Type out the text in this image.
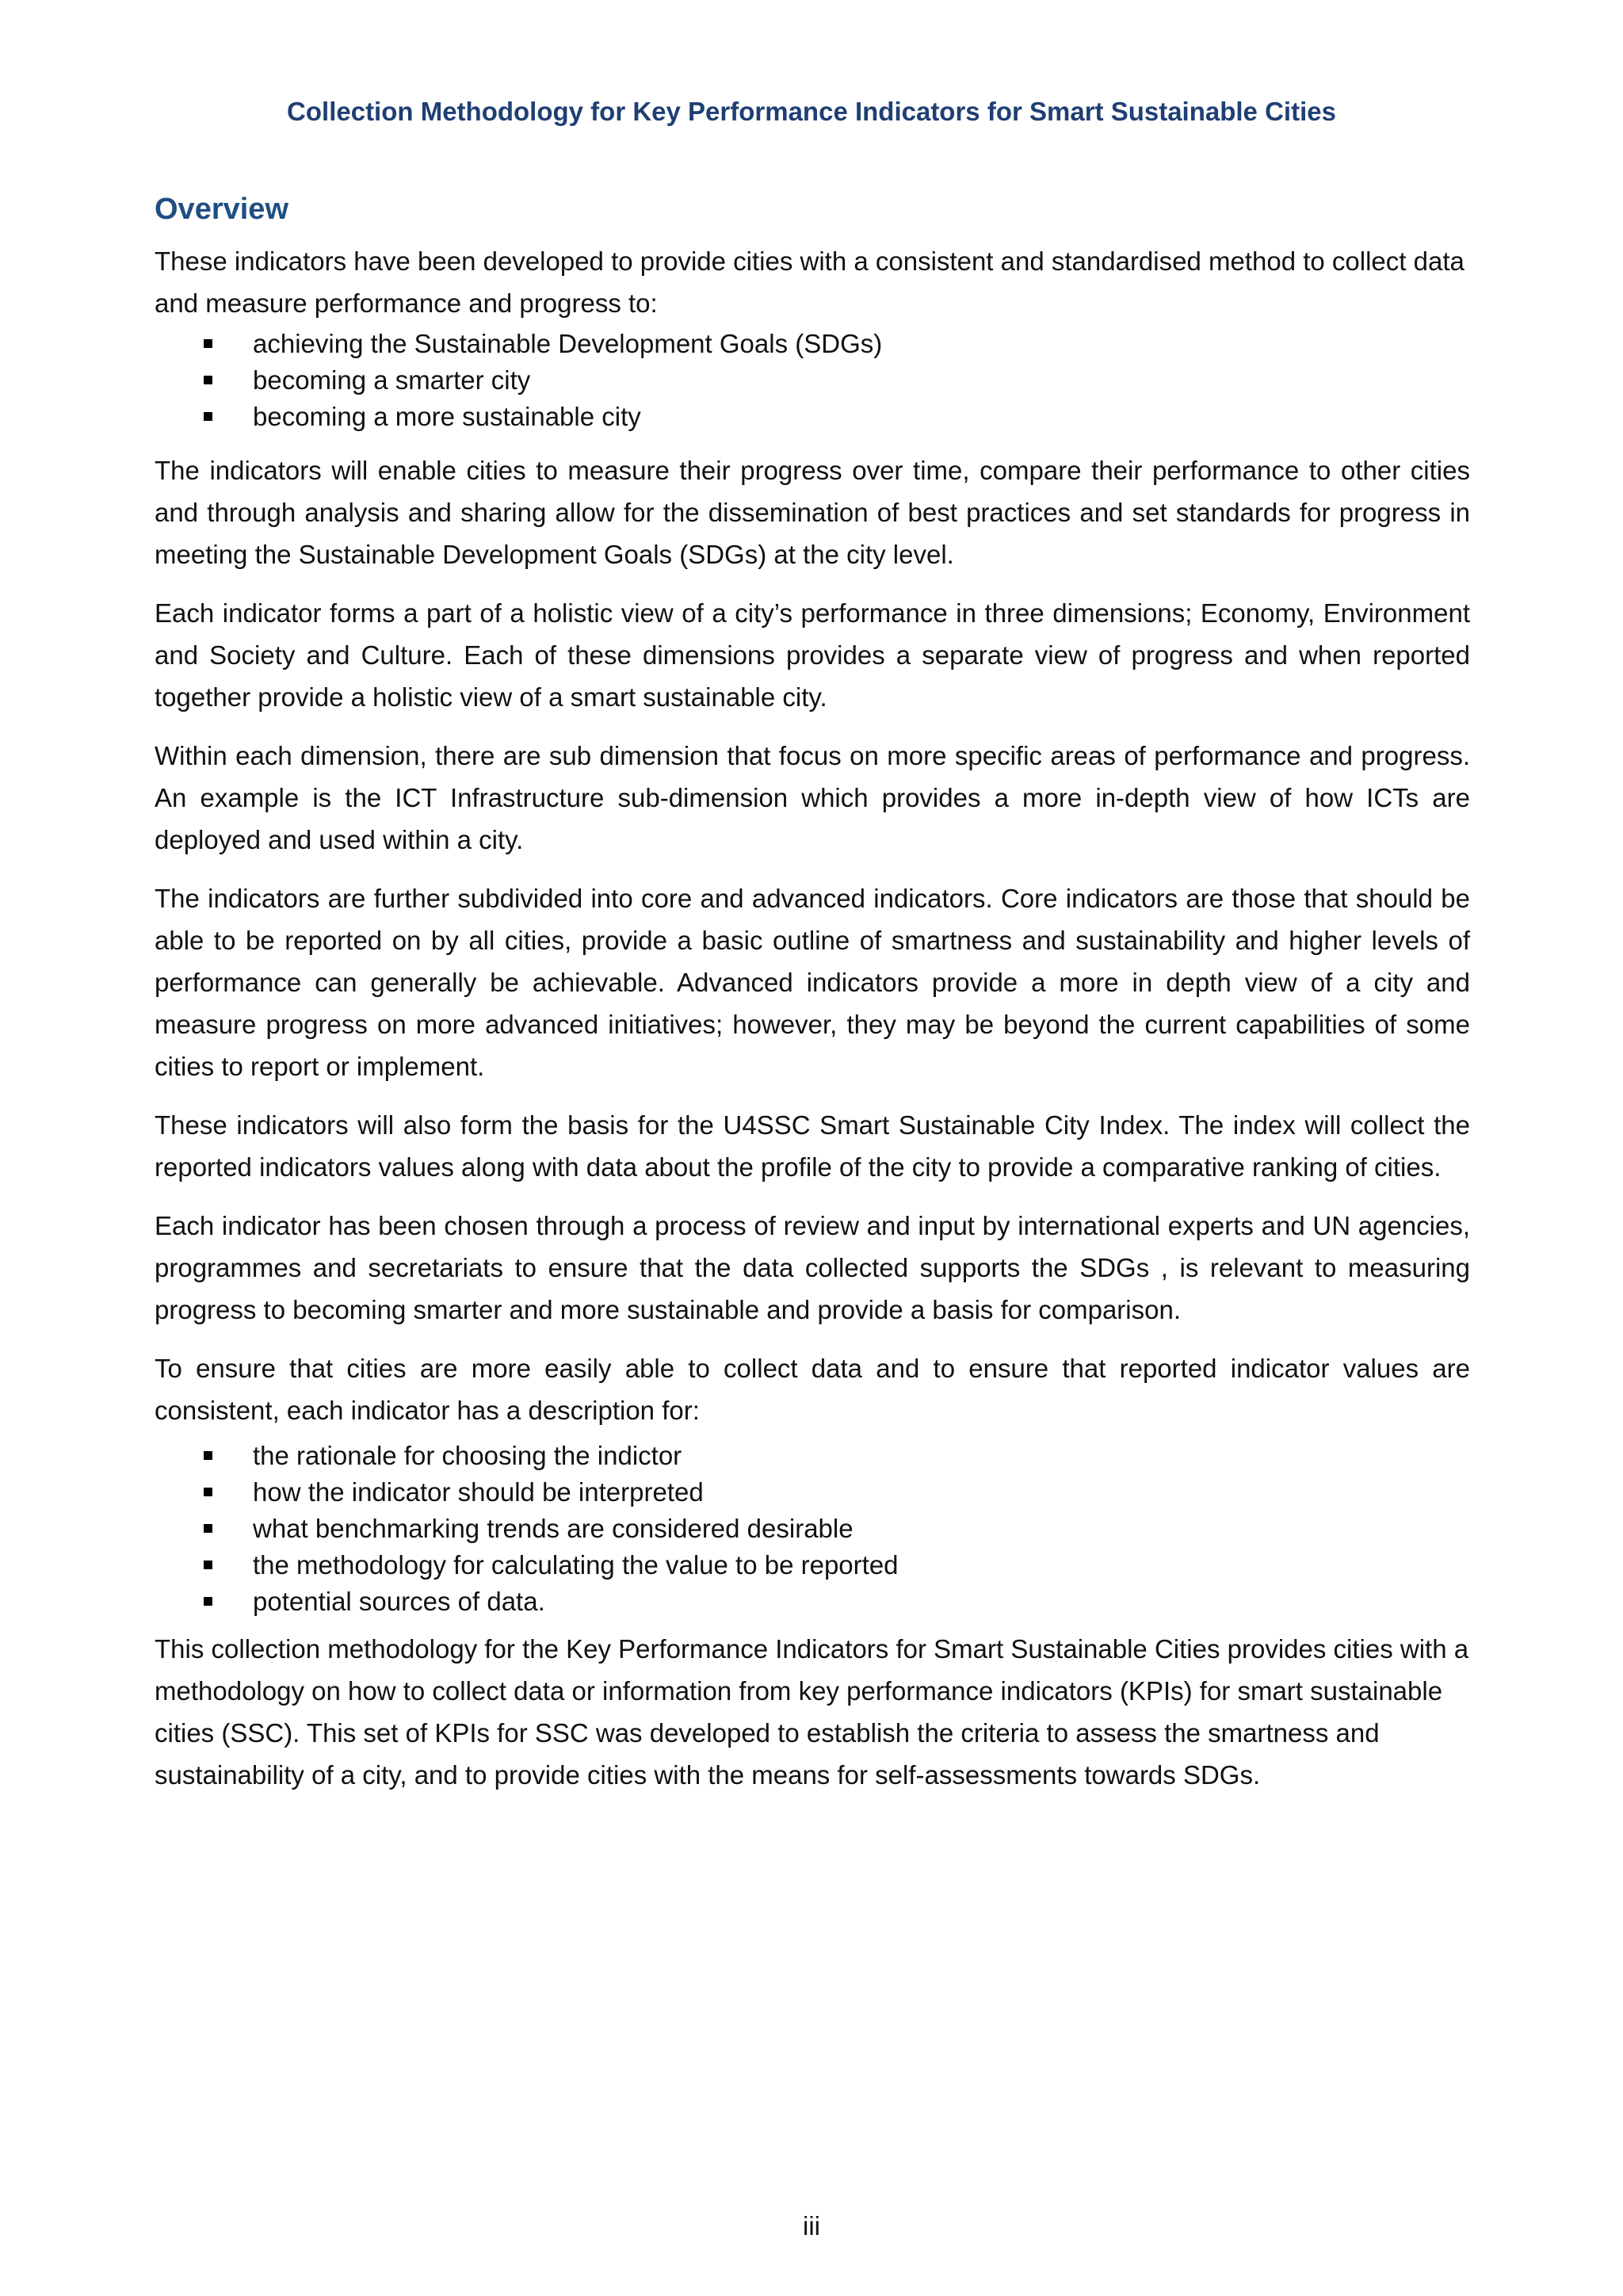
Collection Methodology for Key Performance Indicators for Smart Sustainable Cities
Overview

These indicators have been developed to provide cities with a consistent and standardised method to collect data and measure performance and progress to:

achieving the Sustainable Development Goals (SDGs)
becoming a smarter city
becoming a more sustainable city

The indicators will enable cities to measure their progress over time, compare their performance to other cities and through analysis and sharing allow for the dissemination of best practices and set standards for progress in meeting the Sustainable Development Goals (SDGs) at the city level.

Each indicator forms a part of a holistic view of a city’s performance in three dimensions; Economy, Environment and Society and Culture. Each of these dimensions provides a separate view of progress and when reported together provide a holistic view of a smart sustainable city.

Within each dimension, there are sub dimension that focus on more specific areas of performance and progress. An example is the ICT Infrastructure sub-dimension which provides a more in-depth view of how ICTs are deployed and used within a city.

The indicators are further subdivided into core and advanced indicators. Core indicators are those that should be able to be reported on by all cities, provide a basic outline of smartness and sustainability and higher levels of performance can generally be achievable. Advanced indicators provide a more in depth view of a city and measure progress on more advanced initiatives; however, they may be beyond the current capabilities of some cities to report or implement.

These indicators will also form the basis for the U4SSC Smart Sustainable City Index. The index will collect the reported indicators values along with data about the profile of the city to provide a comparative ranking of cities.

Each indicator has been chosen through a process of review and input by international experts and UN agencies, programmes and secretariats to ensure that the data collected supports the SDGs , is relevant to measuring progress to becoming smarter and more sustainable and provide a basis for comparison.

To ensure that cities are more easily able to collect data and to ensure that reported indicator values are consistent, each indicator has a description for:

the rationale for choosing the indictor
how the indicator should be interpreted
what benchmarking trends are considered desirable
the methodology for calculating the value to be reported
potential sources of data.

This collection methodology for the Key Performance Indicators for Smart Sustainable Cities provides cities with a methodology on how to collect data or information from key performance indicators (KPIs) for smart sustainable cities (SSC). This set of KPIs for SSC was developed to establish the criteria to assess the smartness and sustainability of a city, and to provide cities with the means for self-assessments towards SDGs.

iii
